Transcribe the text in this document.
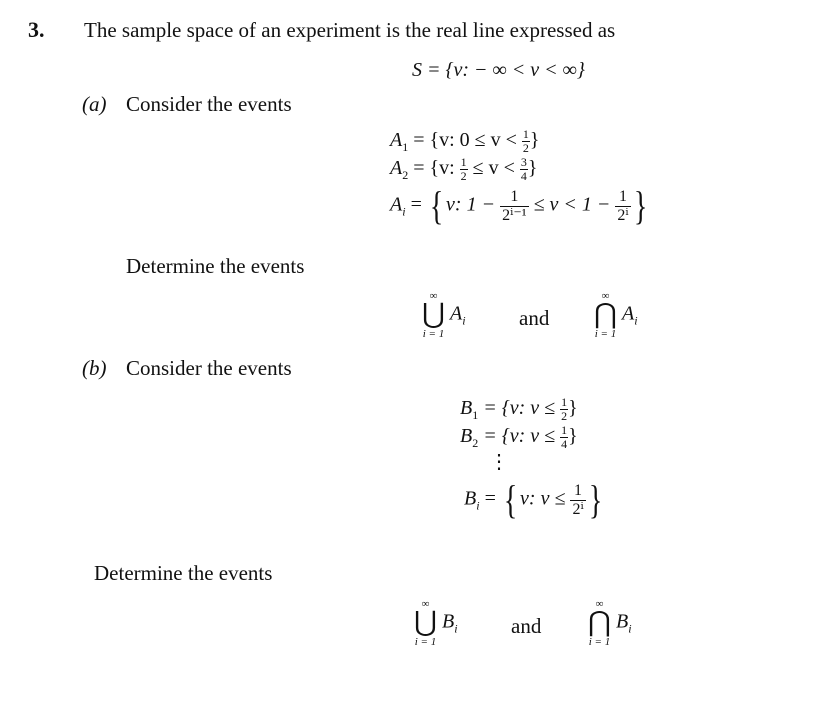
3. The sample space of an experiment is the real line expressed as
S = {v: − ∞ < v < ∞}
(a) Consider the events
$A_1 = \{v$: $0 \le v < \frac{1}{2}$ }
$A_2 = \{v$: $\frac{1}{2} \le v < \frac{3}{4}$ }
$A_i$ = { v: $1 - \frac{1}{\text{2ⁱ⁻¹}} \le v < 1 - \frac{1}{\text{2ⁱ}}$ }
Determine the events
∞
⋃
i = 1
$A_i$	and
∞
⋂
i = 1
$A_i$
(b) Consider the events
$B_1 = \{v$: $v \le \frac{1}{2}$ }
$B_2 = \{v$: $v \le \frac{1}{4}$ }
⋮
$B_i$ = { v: $v \le \frac{1}{\text{2ⁱ}}$ }
Determine the events
∞
⋃
i = 1
$B_i$	and
∞
⋂
i = 1
$B_i$
